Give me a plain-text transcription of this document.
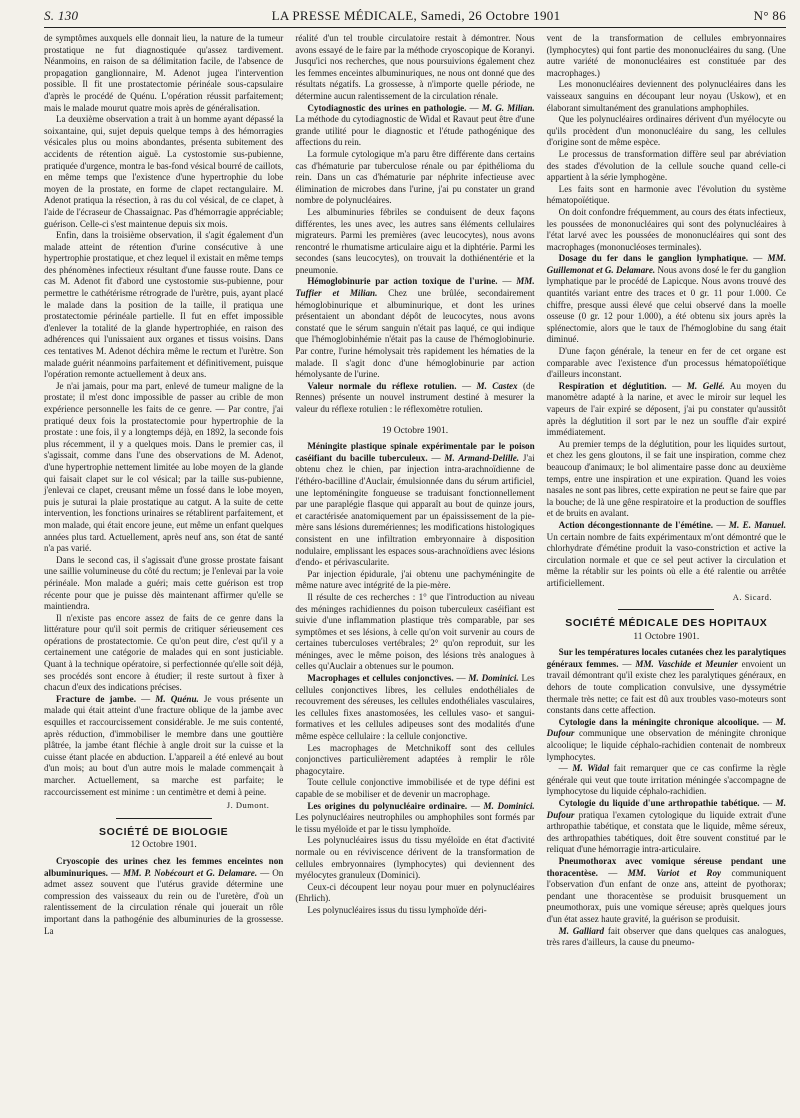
S. 130	LA PRESSE MÉDICALE, Samedi, 26 Octobre 1901	N° 86

de symptômes auxquels elle donnait lieu, la nature de la tumeur prostatique ne fut diagnostiquée qu'assez tardivement. Néanmoins, en raison de sa délimitation facile, de l'absence de propagation ganglionnaire, M. Adenot jugea l'intervention possible. Il fit une prostatectomie périnéale sous-capsulaire d'après le procédé de Quénu. L'opération réussit parfaitement; mais le malade mourut quatre mois après de généralisation.

La deuxième observation a trait à un homme ayant dépassé la soixantaine, qui, sujet depuis quelque temps à des hémorragies vésicales plus ou moins abondantes, présenta subitement des accidents de rétention aiguë. La cystostomie sus-pubienne, pratiquée d'urgence, montra le bas-fond vésical bourré de caillots, en même temps que l'existence d'une hypertrophie du lobe moyen de la prostate, en forme de clapet rectangulaire. M. Adenot pratiqua la résection, à ras du col vésical, de ce clapet, à l'aide de l'écraseur de Chassaignac. Pas d'hémorragie appréciable; guérison. Celle-ci s'est maintenue depuis six mois.

Enfin, dans la troisième observation, il s'agit également d'un malade atteint de rétention d'urine consécutive à une hypertrophie prostatique, et chez lequel il existait en même temps des phénomènes infectieux résultant d'une fausse route. Dans ce cas M. Adenot fit d'abord une cystostomie sus-pubienne, pour permettre le cathétérisme rétrograde de l'urètre, puis, ayant placé le malade dans la position de la taille, il pratiqua une prostatectomie périnéale partielle. Il fut en effet impossible d'enlever la totalité de la glande hypertrophiée, en raison des adhérences qui l'unissaient aux organes et tissus voisins. Dans ces tentatives M. Adenot déchira même le rectum et l'urètre. Son malade guérit néanmoins parfaitement et définitivement, puisque l'opération remonte actuellement à deux ans.

Je n'ai jamais, pour ma part, enlevé de tumeur maligne de la prostate; il m'est donc impossible de passer au crible de mon expérience personnelle les faits de ce genre. — Par contre, j'ai pratiqué deux fois la prostatectomie pour hypertrophie de la prostate : une fois, il y a longtemps déjà, en 1892, la seconde fois plus récemment, il y a quelques mois. Dans le premier cas, il s'agissait, comme dans l'une des observations de M. Adenot, d'une hypertrophie nettement limitée au lobe moyen de la glande qui faisait clapet sur le col vésical; par la taille sus-pubienne, j'enlevai ce clapet, creusant même un fossé dans le lobe moyen, puis je suturai la plaie prostatique au catgut. A la suite de cette intervention, les fonctions urinaires se rétablirent parfaitement, et mon malade, qui était encore jeune, eut même un enfant quelques années plus tard. Actuellement, après neuf ans, son état de santé n'a pas varié.

Dans le second cas, il s'agissait d'une grosse prostate faisant une saillie volumineuse du côté du rectum; je l'enlevai par la voie périnéale. Mon malade a guéri; mais cette guérison est trop récente pour que je puisse dès maintenant affirmer qu'elle se maintiendra.

Il n'existe pas encore assez de faits de ce genre dans la littérature pour qu'il soit permis de critiquer sérieusement ces opérations de prostatectomie. Ce qu'on peut dire, c'est qu'il y a certainement une catégorie de malades qui en sont justiciable. Quant à la technique opératoire, si perfectionnée qu'elle soit déjà, ses procédés sont encore à étudier; il reste surtout à fixer à chacun d'eux des indications précises.

Fracture de jambe. — M. Quénu. Je vous présente un malade qui était atteint d'une fracture oblique de la jambe avec esquilles et raccourcissement considérable. Je me suis contenté, après réduction, d'immobiliser le membre dans une gouttière plâtrée, la jambe étant fléchie à angle droit sur la cuisse et la cuisse étant placée en abduction. L'appareil a été enlevé au bout d'un mois; au bout d'un autre mois le malade commençait à marcher. Actuellement, sa marche est parfaite; le raccourcissement est minime : un centimètre et demi à peine.

J. Dumont.
SOCIÉTÉ DE BIOLOGIE
12 Octobre 1901.

Cryoscopie des urines chez les femmes enceintes non albuminuriques. — MM. P. Nobécourt et G. Delamare. — On admet assez souvent que l'utérus gravide détermine une compression des vaisseaux du rein ou de l'uretère, d'où un ralentissement de la circulation rénale qui jouerait un rôle important dans la pathogénie des albuminuries de la grossesse. La

réalité d'un tel trouble circulatoire restait à démontrer. Nous avons essayé de le faire par la méthode cryoscopique de Koranyi. Jusqu'ici nos recherches, que nous poursuivions également chez les femmes enceintes albuminuriques, ne nous ont donné que des résultats négatifs. La grossesse, à n'importe quelle période, ne détermine aucun ralentissement de la circulation rénale.

Cytodiagnostic des urines en pathologie. — M. G. Milian. La méthode du cytodiagnostic de Widal et Ravaut peut être d'une grande utilité pour le diagnostic et l'étude pathogénique des affections du rein.

La formule cytologique m'a paru être différente dans certains cas d'hématurie par tuberculose rénale ou par épithélioma du rein. Dans un cas d'hématurie par néphrite infectieuse avec élimination de microbes dans l'urine, j'ai pu constater un grand nombre de polynucléaires.

Les albuminuries fébriles se conduisent de deux façons différentes, les unes avec, les autres sans éléments cellulaires migrateurs. Parmi les premières (avec leucocytes), nous avons rencontré le rhumatisme articulaire aigu et la diphtérie. Parmi les secondes (sans leucocytes), on trouvait la dothiénentérie et la pneumonie.

Hémoglobinurie par action toxique de l'urine. — MM. Tuffier et Milian. Chez une brûlée, secondairement hémoglobinurique et albuminurique, et dont les urines présentaient un abondant dépôt de leucocytes, nous avons constaté que le sérum sanguin n'était pas laqué, ce qui indique que l'hémoglobinhémie n'était pas la cause de l'hémoglobinurie. Par contre, l'urine hémolysait très rapidement les hématies de la malade. Il s'agit donc d'une hémoglobinurie par action hémolysante de l'urine.

Valeur normale du réflexe rotulien. — M. Castex (de Rennes) présente un nouvel instrument destiné à mesurer la valeur du réflexe rotulien : le réflexomètre rotulien.

19 Octobre 1901.

Méningite plastique spinale expérimentale par le poison caséifiant du bacille tuberculeux. — M. Armand-Delille. J'ai obtenu chez le chien, par injection intra-arachnoïdienne de l'éthéro-bacilline d'Auclair, émulsionnée dans du sérum artificiel, une leptoméningite fongueuse se traduisant fonctionnellement par une paraplégie flasque qui apparaît au bout de quinze jours, et caractérisée anatomiquement par un épaississement de la pie-mère sans lésions duremériennes; les modifications histologiques consistent en une infiltration embryonnaire à disposition nodulaire, emplissant les espaces sous-arachnoïdiens avec lésions d'endo- et périvascularite.

Par injection épidurale, j'ai obtenu une pachyméningite de même nature avec intégrité de la pie-mère.

Il résulte de ces recherches : 1° que l'introduction au niveau des méninges rachidiennes du poison tuberculeux caséifiant est suivie d'une inflammation plastique très comparable, par ses symptômes et ses lésions, à celle qu'on voit survenir au cours de certaines tuberculoses vertébrales; 2° qu'on reproduit, sur les méninges, avec le même poison, des lésions très analogues à celles qu'Auclair a obtenues sur le poumon.

Macrophages et cellules conjonctives. — M. Dominici. Les cellules conjonctives libres, les cellules endothéliales de recouvrement des séreuses, les cellules endothéliales vasculaires, les cellules fixes anastomosées, les cellules vaso- et sangui-formatives et les cellules adipeuses sont des modalités d'une même espèce cellulaire : la cellule conjonctive.

Les macrophages de Metchnikoff sont des cellules conjonctives particulièrement adaptées à remplir le rôle phagocytaire.

Toute cellule conjonctive immobilisée et de type défini est capable de se mobiliser et de devenir un macrophage.

Les origines du polynucléaire ordinaire. — M. Dominici. Les polynucléaires neutrophiles ou amphophiles sont formés par le tissu myéloïde et par le tissu lymphoïde.

Les polynucléaires issus du tissu myéloïde en état d'activité normale ou en réviviscence dérivent de la transformation de cellules embryonnaires (lymphocytes) qui deviennent des myélocytes granuleux (Dominici).

Ceux-ci découpent leur noyau pour muer en polynucléaires (Ehrlich).

Les polynucléaires issus du tissu lymphoïde déri-

vent de la transformation de cellules embryonnaires (lymphocytes) qui font partie des mononucléaires du sang. (Une autre variété de mononucléaires est constituée par des macrophages.)

Les mononucléaires deviennent des polynucléaires dans les vaisseaux sanguins en découpant leur noyau (Uskow), et en élaborant simultanément des granulations amphophiles.

Que les polynucléaires ordinaires dérivent d'un myélocyte ou qu'ils procèdent d'un mononucléaire du sang, les cellules d'origine sont de même espèce.

Le processus de transformation diffère seul par abréviation des stades d'évolution de la cellule souche quand celle-ci appartient à la série lymphogène.

Les faits sont en harmonie avec l'évolution du système hématopoïétique.

On doit confondre fréquemment, au cours des états infectieux, les poussées de mononucléaires qui sont des polynucléaires à l'état larvé avec les poussées de mononucléaires qui sont des macrophages (mononucléoses terminales).

Dosage du fer dans le ganglion lymphatique. — MM. Guillemonat et G. Delamare. Nous avons dosé le fer du ganglion lymphatique par le procédé de Lapicque. Nous avons trouvé des quantités variant entre des traces et 0 gr. 11 pour 1.000. Ce chiffre, presque aussi élevé que celui observé dans la moelle osseuse (0 gr. 12 pour 1.000), a été obtenu six jours après la splénectomie, alors que le taux de l'hémoglobine du sang était diminué.

D'une façon générale, la teneur en fer de cet organe est comparable avec l'existence d'un processus hématopoïétique d'ailleurs inconstant.

Respiration et déglutition. — M. Gellé. Au moyen du manomètre adapté à la narine, et avec le miroir sur lequel les vapeurs de l'air expiré se déposent, j'ai pu constater qu'aussitôt après la déglutition il sort par le nez un souffle d'air expiré immédiatement.

Au premier temps de la déglutition, pour les liquides surtout, et chez les gens gloutons, il se fait une inspiration, comme chez beaucoup d'animaux; le bol alimentaire passe donc au deuxième temps, entre une inspiration et une expiration. Quand les voies nasales ne sont pas libres, cette expiration ne peut se faire que par la bouche; de là une gêne respiratoire et la production de souffles et de bruits en avalant.

Action décongestionnante de l'émétine. — M. E. Manuel. Un certain nombre de faits expérimentaux m'ont démontré que le chlorhydrate d'émétine produit la vaso-constriction et active la circulation normale et que ce sel peut activer la circulation et même la rétablir sur les points où elle a été ralentie ou arrêtée artificiellement.

A. Sicard.
SOCIÉTÉ MÉDICALE DES HOPITAUX
11 Octobre 1901.

Sur les températures locales cutanées chez les paralytiques généraux femmes. — MM. Vaschide et Meunier envoient un travail démontrant qu'il existe chez les paralytiques généraux, en dehors de toute complication convulsive, une dyssymétrie thermale très nette; ce fait est dû aux troubles vaso-moteurs sont constants dans cette affection.

Cytologie dans la méningite chronique alcoolique. — M. Dufour communique une observation de méningite chronique alcoolique; le liquide céphalo-rachidien contenait de nombreux lymphocytes.

— M. Widal fait remarquer que ce cas confirme la règle générale qui veut que toute irritation méningée s'accompagne de lymphocytose du liquide céphalo-rachidien.

Cytologie du liquide d'une arthropathie tabétique. — M. Dufour pratiqua l'examen cytologique du liquide extrait d'une arthropathie tabétique, et constata que le liquide, même séreux, des arthropathies tabétiques, doit être souvent constitué par le reliquat d'une hémorragie intra-articulaire.

Pneumothorax avec vomique séreuse pendant une thoracentèse. — MM. Variot et Roy communiquent l'observation d'un enfant de onze ans, atteint de pyothorax; pendant une thoracentèse se produisit brusquement un pneumothorax, puis une vomique séreuse; après quelques jours d'un état assez haute gravité, la guérison se produisit.

M. Galliard fait observer que dans quelques cas analogues, très rares d'ailleurs, la cause du pneumo-
